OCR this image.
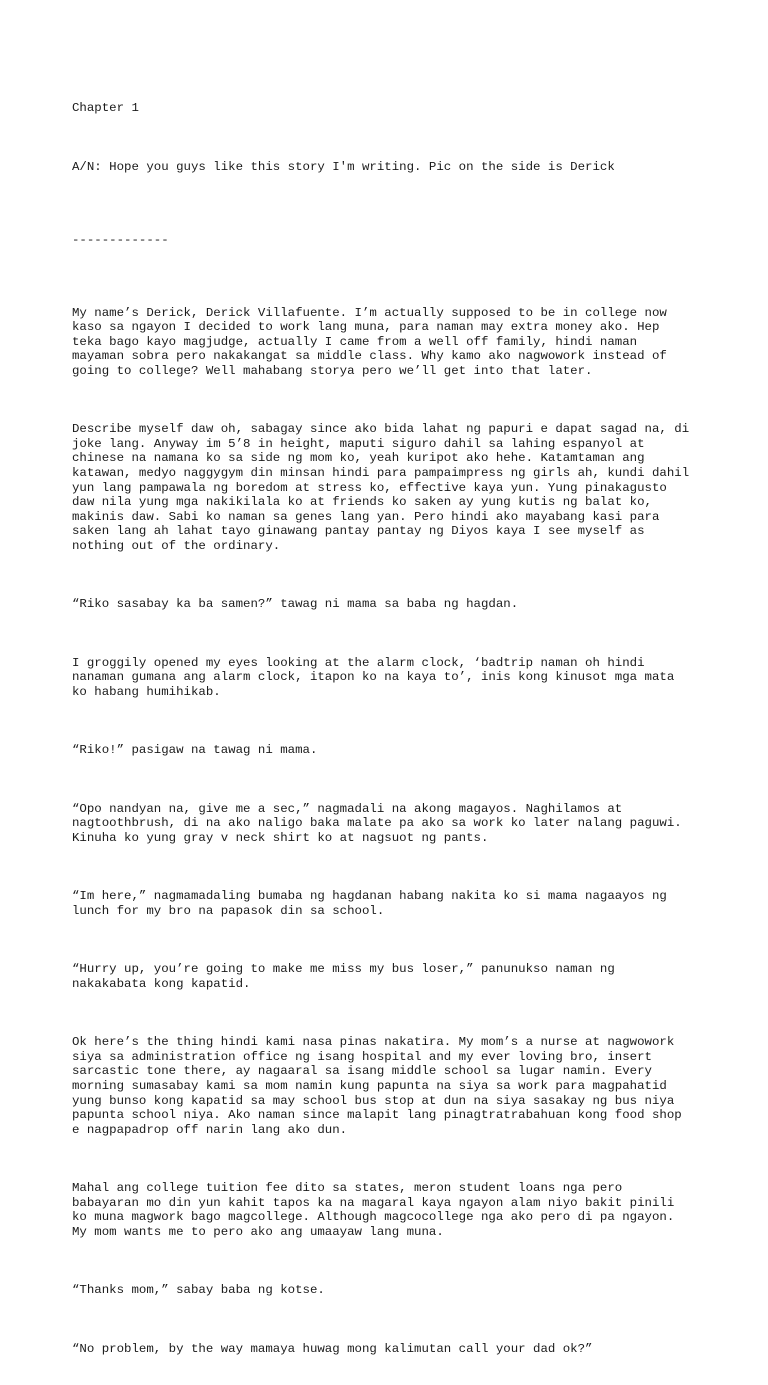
Chapter 1

A/N: Hope you guys like this story I'm writing. Pic on the side is Derick

-------------

My name’s Derick, Derick Villafuente. I’m actually supposed to be in college now
kaso sa ngayon I decided to work lang muna, para naman may extra money ako. Hep
teka bago kayo magjudge, actually I came from a well off family, hindi naman
mayaman sobra pero nakakangat sa middle class. Why kamo ako nagwowork instead of
going to college? Well mahabang storya pero we’ll get into that later.

Describe myself daw oh, sabagay since ako bida lahat ng papuri e dapat sagad na, di
joke lang. Anyway im 5’8 in height, maputi siguro dahil sa lahing espanyol at
chinese na namana ko sa side ng mom ko, yeah kuripot ako hehe. Katamtaman ang
katawan, medyo naggygym din minsan hindi para pampaimpress ng girls ah, kundi dahil
yun lang pampawala ng boredom at stress ko, effective kaya yun. Yung pinakagusto
daw nila yung mga nakikilala ko at friends ko saken ay yung kutis ng balat ko,
makinis daw. Sabi ko naman sa genes lang yan. Pero hindi ako mayabang kasi para
saken lang ah lahat tayo ginawang pantay pantay ng Diyos kaya I see myself as
nothing out of the ordinary.

“Riko sasabay ka ba samen?” tawag ni mama sa baba ng hagdan.

I groggily opened my eyes looking at the alarm clock, ‘badtrip naman oh hindi
nanaman gumana ang alarm clock, itapon ko na kaya to’, inis kong kinusot mga mata
ko habang humihikab.

“Riko!” pasigaw na tawag ni mama.

“Opo nandyan na, give me a sec,” nagmadali na akong magayos. Naghilamos at
nagtoothbrush, di na ako naligo baka malate pa ako sa work ko later nalang paguwi.
Kinuha ko yung gray v neck shirt ko at nagsuot ng pants.

“Im here,” nagmamadaling bumaba ng hagdanan habang nakita ko si mama nagaayos ng
lunch for my bro na papasok din sa school.

“Hurry up, you’re going to make me miss my bus loser,” panunukso naman ng
nakakabata kong kapatid.

Ok here’s the thing hindi kami nasa pinas nakatira. My mom’s a nurse at nagwowork
siya sa administration office ng isang hospital and my ever loving bro, insert
sarcastic tone there, ay nagaaral sa isang middle school sa lugar namin. Every
morning sumasabay kami sa mom namin kung papunta na siya sa work para magpahatid
yung bunso kong kapatid sa may school bus stop at dun na siya sasakay ng bus niya
papunta school niya. Ako naman since malapit lang pinagtratrabahuan kong food shop
e nagpapadrop off narin lang ako dun.

Mahal ang college tuition fee dito sa states, meron student loans nga pero
babayaran mo din yun kahit tapos ka na magaral kaya ngayon alam niyo bakit pinili
ko muna magwork bago magcollege. Although magcocollege nga ako pero di pa ngayon.
My mom wants me to pero ako ang umaayaw lang muna.

“Thanks mom,” sabay baba ng kotse.

“No problem, by the way mamaya huwag mong kalimutan call your dad ok?”
